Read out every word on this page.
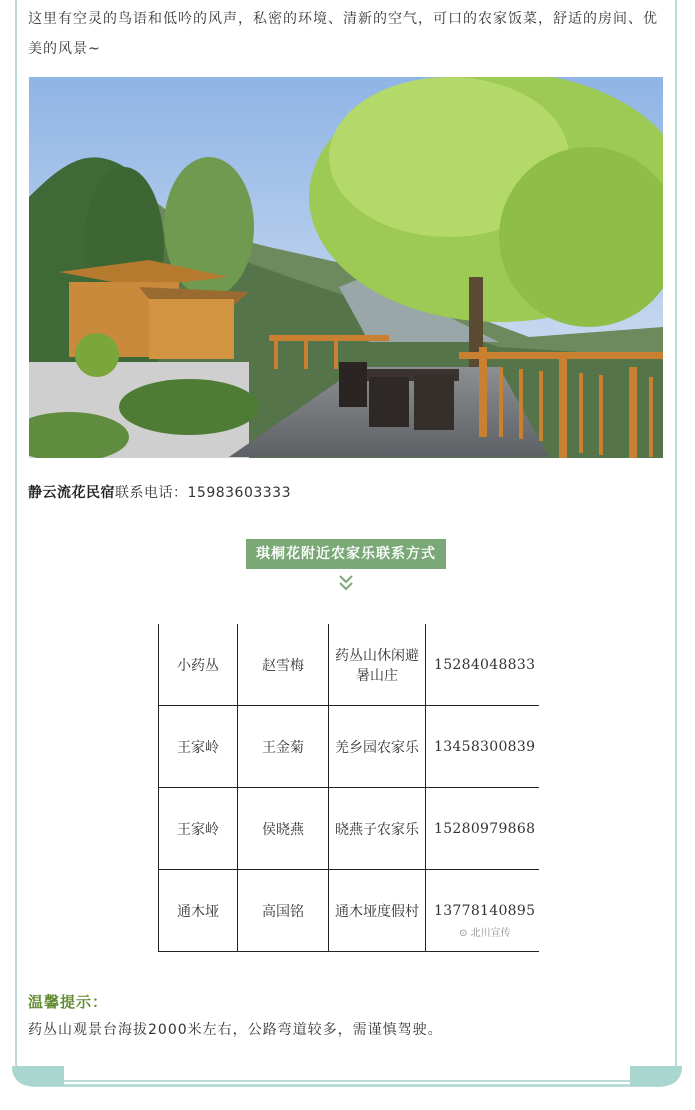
这里有空灵的鸟语和低吟的风声，私密的环境、清新的空气，可口的农家饭菜，舒适的房间、优美的风景~

静云流花民宿联系电话：15983603333
琪桐花附近农家乐联系方式
小药丛	赵雪梅	药丛山休闲避暑山庄	15284048833
王家岭	王金菊	羌乡园农家乐	13458300839
王家岭	侯晓燕	晓燕子农家乐	15280979868
通木垭	高国铭	通木垭度假村	13778140895
⊙ 北川宣传
温馨提示：
药丛山观景台海拔2000米左右，公路弯道较多，需谨慎驾驶。
